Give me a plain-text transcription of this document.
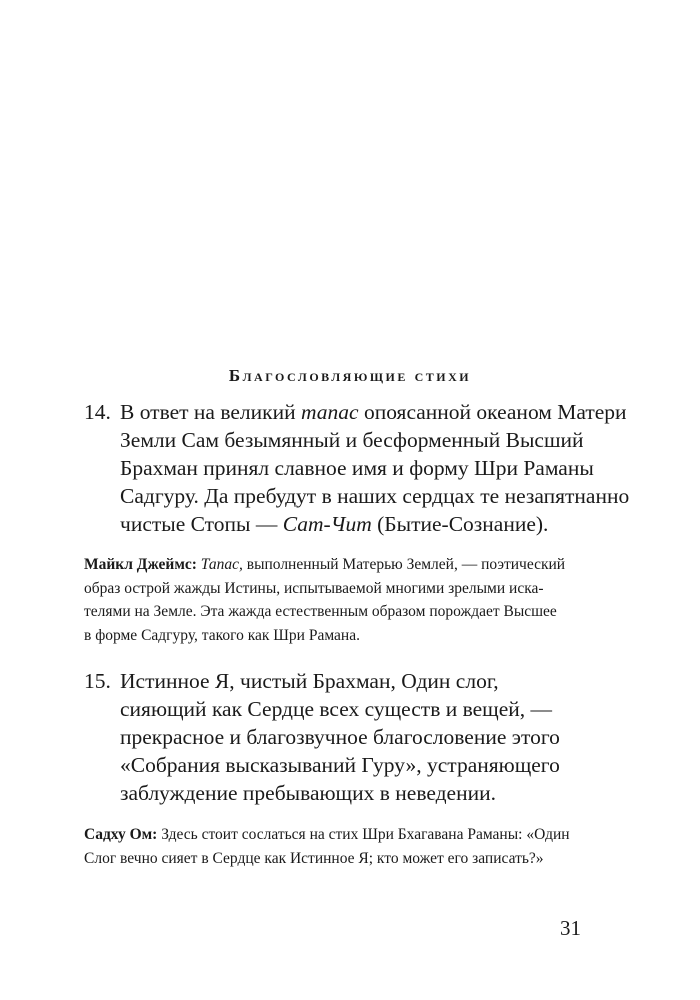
Благословляющие стихи
14. В ответ на великий тапас опоясанной океаном Матери
Земли Сам безымянный и бесформенный Высший
Брахман принял славное имя и форму Шри Раманы
Садгуру. Да пребудут в наших сердцах те незапятнанно
чистые Стопы — Сат-Чит (Бытие-Сознание).
Майкл Джеймс: Тапас, выполненный Матерью Землей, — поэтический
образ острой жажды Истины, испытываемой многими зрелыми иска-
телями на Земле. Эта жажда естественным образом порождает Высшее
в форме Садгуру, такого как Шри Рамана.
15. Истинное Я, чистый Брахман, Один слог,
сияющий как Сердце всех существ и вещей, —
прекрасное и благозвучное благословение этого
«Собрания высказываний Гуру», устраняющего
заблуждение пребывающих в неведении.
Садху Ом: Здесь стоит сослаться на стих Шри Бхагавана Раманы: «Один
Слог вечно сияет в Сердце как Истинное Я; кто может его записать?»
31
